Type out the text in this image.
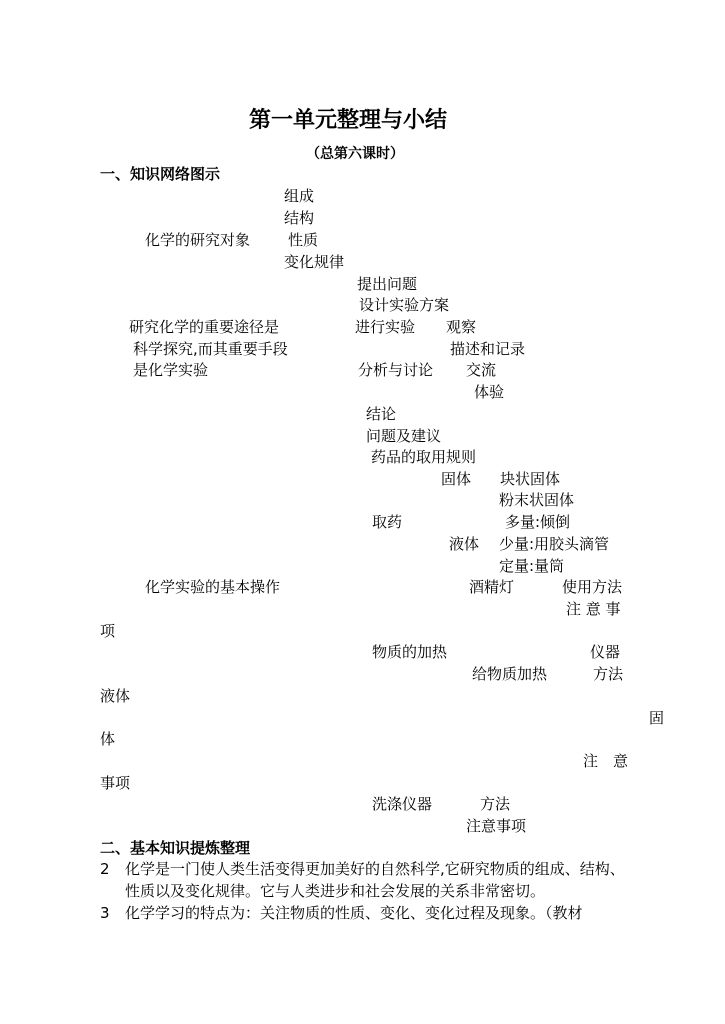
第一单元整理与小结
（总第六课时）
一、知识网络图示
组成
结构
化学的研究对象	性质
变化规律
提出问题
设计实验方案
研究化学的重要途径是	进行实验 观察
科学探究,而其重要手段	描述和记录
是化学实验	分析与讨论 交流
体验
结论
问题及建议
药品的取用规则
固体 块状固体
粉末状固体
取药	多量:倾倒
液体 少量:用胶头滴管
定量:量筒
化学实验的基本操作	酒精灯	使用方法
注 意 事
项
物质的加热	仪器
给物质加热	方法
液体
固
体
注　意
事项
洗涤仪器	方法
注意事项
二、基本知识提炼整理
2 化学是一门使人类生活变得更加美好的自然科学,它研究物质的组成、结构、性质以及变化规律。它与人类进步和社会发展的关系非常密切。
3 化学学习的特点为：关注物质的性质、变化、变化过程及现象。（教材
